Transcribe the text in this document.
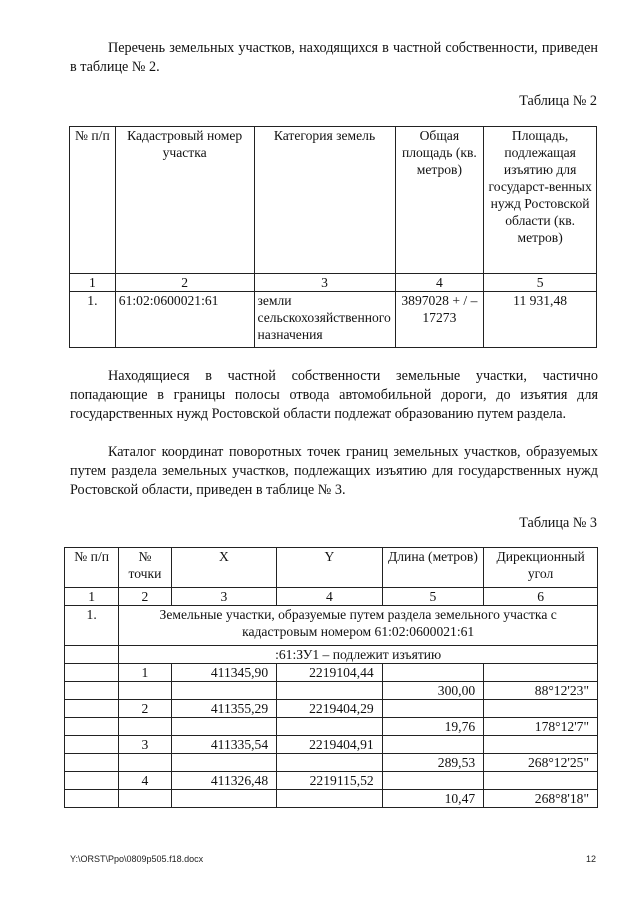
Перечень земельных участков, находящихся в частной собственности, приведен в таблице № 2.
Таблица № 2
№ п/п	Кадастровый номер участка	Категория земель	Общая площадь (кв. метров)	Площадь, подлежащая изъятию для государст-венных нужд Ростовской области (кв. метров)
1	2	3	4	5
1.	61:02:0600021:61	земли сельскохозяйственного назначения	3897028 + / – 17273	11 931,48
Находящиеся в частной собственности земельные участки, частично попадающие в границы полосы отвода автомобильной дороги, до изъятия для государственных нужд Ростовской области подлежат образованию путем раздела.
Каталог координат поворотных точек границ земельных участков, образуемых путем раздела земельных участков, подлежащих изъятию для государственных нужд Ростовской области, приведен в таблице № 3.
Таблица № 3
№ п/п	№ точки	X	Y	Длина (метров)	Дирекционный угол
1	2	3	4	5	6
1.	Земельные участки, образуемые путем раздела земельного участка с кадастровым номером 61:02:0600021:61				
	:61:ЗУ1 – подлежит изъятию				
	1	411345,90	2219104,44		
				300,00	88°12'23"
	2	411355,29	2219404,29		
				19,76	178°12'7"
	3	411335,54	2219404,91		
				289,53	268°12'25"
	4	411326,48	2219115,52		
				10,47	268°8'18"
Y:\ORST\Ppo\0809p505.f18.docx	12
